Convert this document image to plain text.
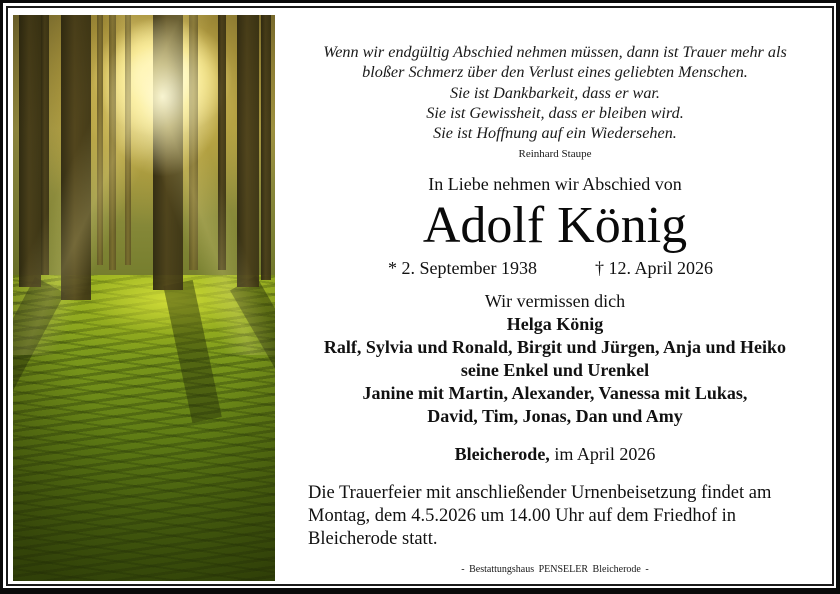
Wenn wir endgültig Abschied nehmen müssen, dann ist Trauer mehr als
bloßer Schmerz über den Verlust eines geliebten Menschen.
Sie ist Dankbarkeit, dass er war.
Sie ist Gewissheit, dass er bleiben wird.
Sie ist Hoffnung auf ein Wiedersehen.
Reinhard Staupe
In Liebe nehmen wir Abschied von
Adolf König
* 2. September 1938	† 12. April 2026
Wir vermissen dich
Helga König
Ralf, Sylvia und Ronald, Birgit und Jürgen, Anja und Heiko
seine Enkel und Urenkel
Janine mit Martin, Alexander, Vanessa mit Lukas,
David, Tim, Jonas, Dan und Amy
Bleicherode, im April 2026
Die Trauerfeier mit anschließender Urnenbeisetzung findet am
Montag, dem 4.5.2026 um 14.00 Uhr auf dem Friedhof in
Bleicherode statt.
- Bestattungshaus PENSELER Bleicherode -
